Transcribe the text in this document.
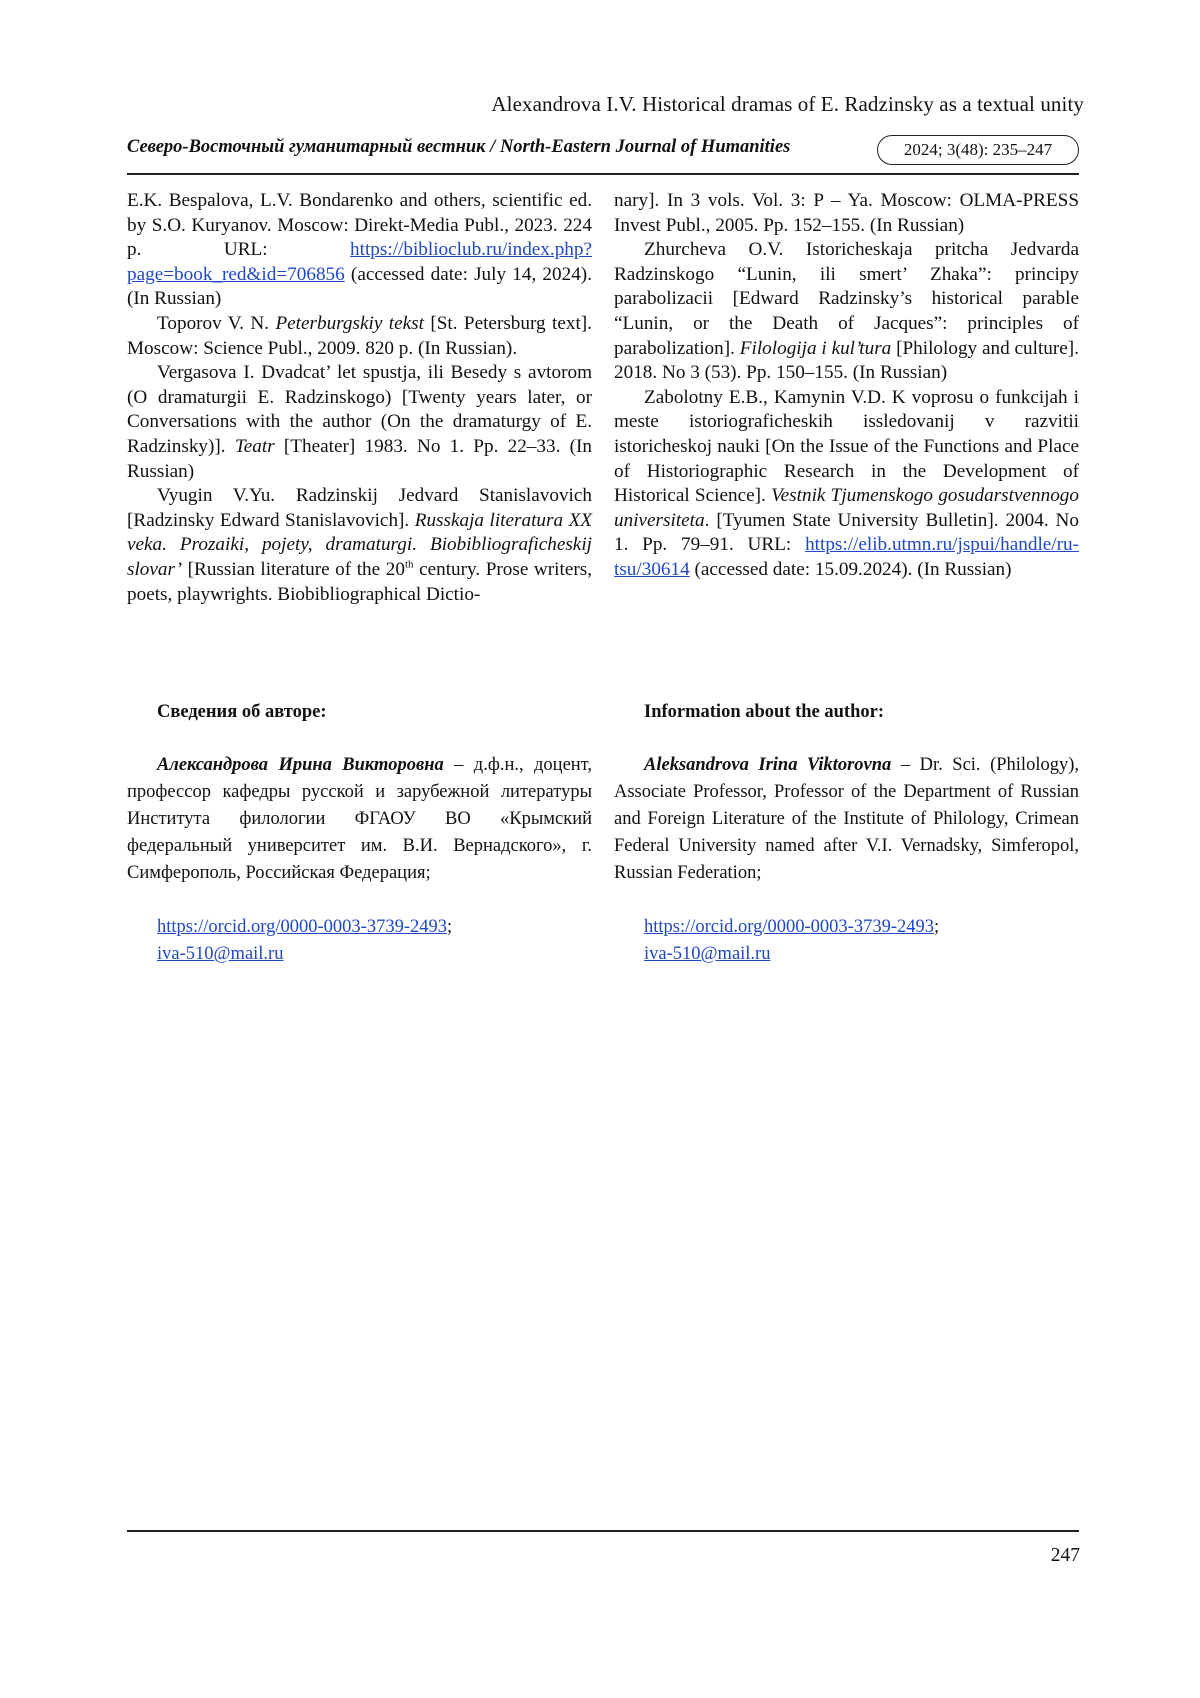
Alexandrova I.V. Historical dramas of E. Radzinsky as a textual unity
Северо-Восточный гуманитарный вестник / North-Eastern Journal of Humanities	2024; 3(48): 235–247

E.K. Bespalova, L.V. Bondarenko and others, scientific ed. by S.O. Kuryanov. Moscow: Direkt-Media Publ., 2023. 224 p. URL: https://biblioclub.ru/index.php?page=book_red&id=706856 (accessed date: July 14, 2024). (In Russian)

Toporov V. N. Peterburgskiy tekst [St. Petersburg text]. Moscow: Science Publ., 2009. 820 p. (In Russian).

Vergasova I. Dvadcat’ let spustja, ili Besedy s avtorom (O dramaturgii E. Radzinskogo) [Twenty years later, or Conversations with the author (On the dramaturgy of E. Radzinsky)]. Teatr [Theater] 1983. No 1. Pp. 22–33. (In Russian)

Vyugin V.Yu. Radzinskij Jedvard Stanislavovich [Radzinsky Edward Stanislavovich]. Russkaja literatura XX veka. Prozaiki, pojety, dramaturgi. Biobibliograficheskij slovar’ [Russian literature of the 20th century. Prose writers, poets, playwrights. Biobibliographical Dictio-

nary]. In 3 vols. Vol. 3: P – Ya. Moscow: OLMA-PRESS Invest Publ., 2005. Pp. 152–155. (In Russian)

Zhurcheva O.V. Istoricheskaja pritcha Jedvarda Radzinskogo “Lunin, ili smert’ Zhaka”: principy parabolizacii [Edward Radzinsky’s historical parable “Lunin, or the Death of Jacques”: principles of parabolization]. Filologija i kul’tura [Philology and culture]. 2018. No 3 (53). Pp. 150–155. (In Russian)

Zabolotny E.B., Kamynin V.D. K voprosu o funkcijah i meste istoriograficheskih issledovanij v razvitii istoricheskoj nauki [On the Issue of the Functions and Place of Historiographic Research in the Development of Historical Science]. Vestnik Tjumenskogo gosudarstvennogo universiteta. [Tyumen State University Bulletin]. 2004. No 1. Pp. 79–91. URL: https://elib.utmn.ru/jspui/handle/ru-tsu/30614 (accessed date: 15.09.2024). (In Russian)

Сведения об авторе:
Александрова Ирина Викторовна – д.ф.н., доцент, профессор кафедры русской и зарубежной литературы Института филологии ФГАОУ ВО «Крымский федеральный университет им. В.И. Вернадского», г. Симферополь, Российская Федерация;
https://orcid.org/0000-0003-3739-2493;
iva-510@mail.ru
Information about the author:
Aleksandrova Irina Viktorovna – Dr. Sci. (Philology), Associate Professor, Professor of the Department of Russian and Foreign Literature of the Institute of Philology, Crimean Federal University named after V.I. Vernadsky, Simferopol, Russian Federation;
https://orcid.org/0000-0003-3739-2493;
iva-510@mail.ru
247
